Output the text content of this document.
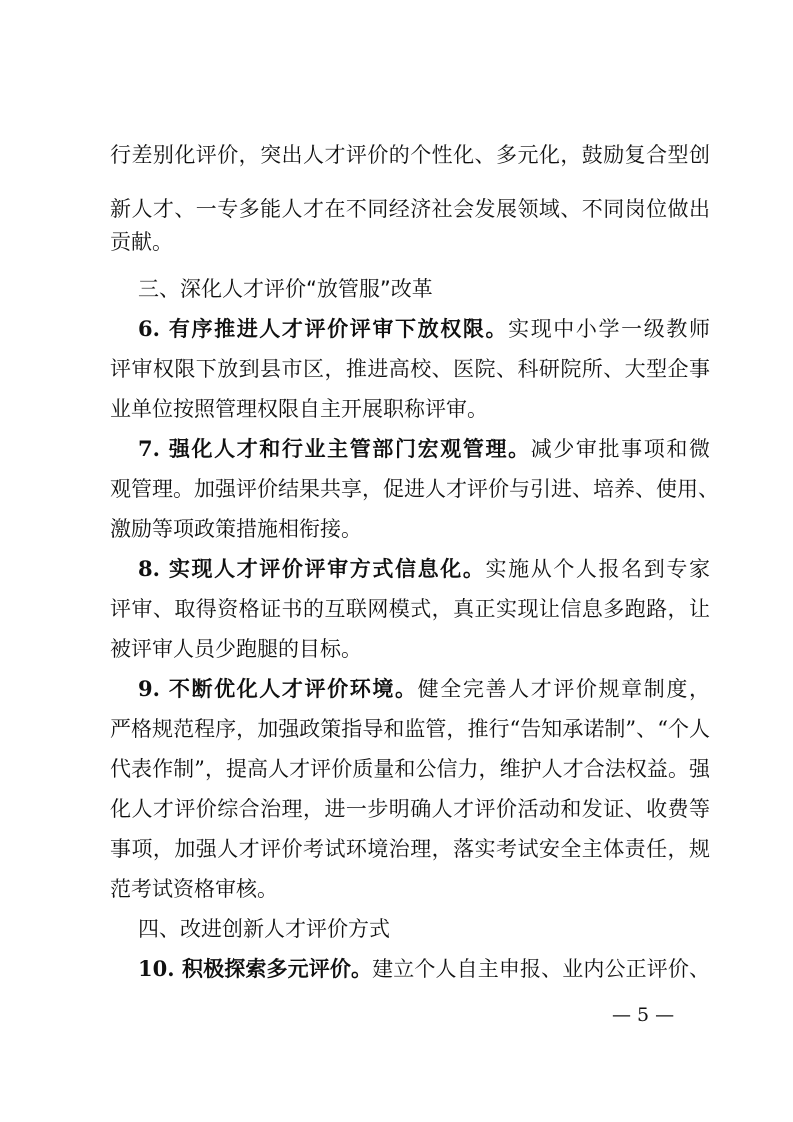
行差别化评价，突出人才评价的个性化、多元化，鼓励复合型创
新人才、一专多能人才在不同经济社会发展领域、不同岗位做出
贡献。
三、深化人才评价“放管服”改革
6. 有序推进人才评价评审下放权限。实现中小学一级教师
评审权限下放到县市区，推进高校、医院、科研院所、大型企事
业单位按照管理权限自主开展职称评审。
7. 强化人才和行业主管部门宏观管理。减少审批事项和微
观管理。加强评价结果共享，促进人才评价与引进、培养、使用、
激励等项政策措施相衔接。
8. 实现人才评价评审方式信息化。实施从个人报名到专家
评审、取得资格证书的互联网模式，真正实现让信息多跑路，让
被评审人员少跑腿的目标。
9. 不断优化人才评价环境。健全完善人才评价规章制度，
严格规范程序，加强政策指导和监管，推行“告知承诺制”、“个人
代表作制”，提高人才评价质量和公信力，维护人才合法权益。强
化人才评价综合治理，进一步明确人才评价活动和发证、收费等
事项，加强人才评价考试环境治理，落实考试安全主体责任，规
范考试资格审核。
四、改进创新人才评价方式
10. 积极探索多元评价。建立个人自主申报、业内公正评价、
— 5 —
